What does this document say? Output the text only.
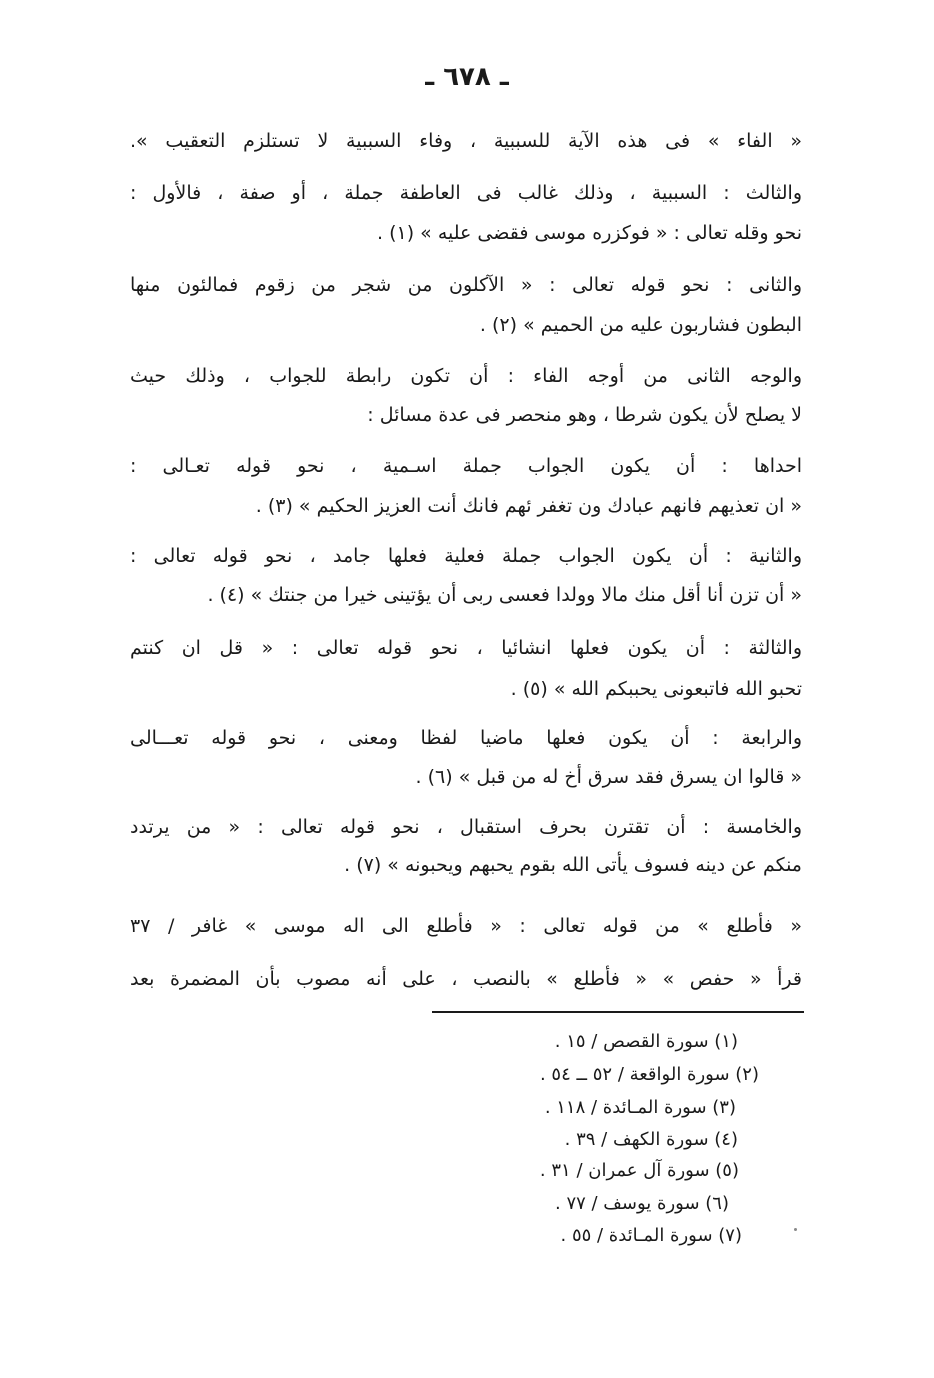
ـ ٦٧٨ ـ
« الفاء » فى هذه الآية للسببية ، وفاء السببية لا تستلزم التعقيب ».
والثالث : السببية ، وذلك غالب فى العاطفة جملة ، أو صفة ، فالأول :
نحو وقله تعالى : « فوكزره موسى فقضى عليه » (١) .
والثانى : نحو قوله تعالى : « الآكلون من شجر من زقوم فمالئون منها
البطون فشاربون عليه من الحميم » (٢) .
والوجه الثانى من أوجه الفاء : أن تكون رابطة للجواب ، وذلك حيث
لا يصلح لأن يكون شرطا ، وهو منحصر فى عدة مسائل :
احداها : أن يكون الجواب جملة اسـمية ، نحو قوله تعـالى :
« ان تعذيهم فانهم عبادك ون تغفر ئهم فانك أنت العزيز الحكيم » (٣) .
والثانية : أن يكون الجواب جملة فعلية فعلها جامد ، نحو قوله تعالى :
« أن تزن أنا أقل منك مالا وولدا فعسى ربى أن يؤتينى خيرا من جنتك » (٤) .
والثالثة : أن يكون فعلها انشائيا ، نحو قوله تعالى : « قل ان كنتم
تحبو الله فاتبعونى يحببكم الله » (٥) .
والرابعة : أن يكون فعلها ماضيا لفظا ومعنى ، نحو قوله تعـــالى
« قالوا ان يسرق فقد سرق أخ له من قبل » (٦) .
والخامسة : أن تقترن بحرف استقبال ، نحو قوله تعالى : « من يرتدد
منكم عن دينه فسوف يأتى الله بقوم يحبهم ويحبونه » (٧) .
« فأطلع » من قوله تعالى : « فأطلع الى اله موسى » غافر / ٣٧
قرأ « حفص » « فأطلع » بالنصب ، على أنه مصوب بأن المضمرة بعد
(١) سورة القصص / ١٥ .
(٢) سورة الواقعة / ٥٢ ــ ٥٤ .
(٣) سورة المـائدة / ١١٨ .
(٤) سورة الكهف / ٣٩ .
(٥) سورة آل عمران / ٣١ .
(٦) سورة يوسف / ٧٧ .
(٧) سورة المـائدة / ٥٥ .
